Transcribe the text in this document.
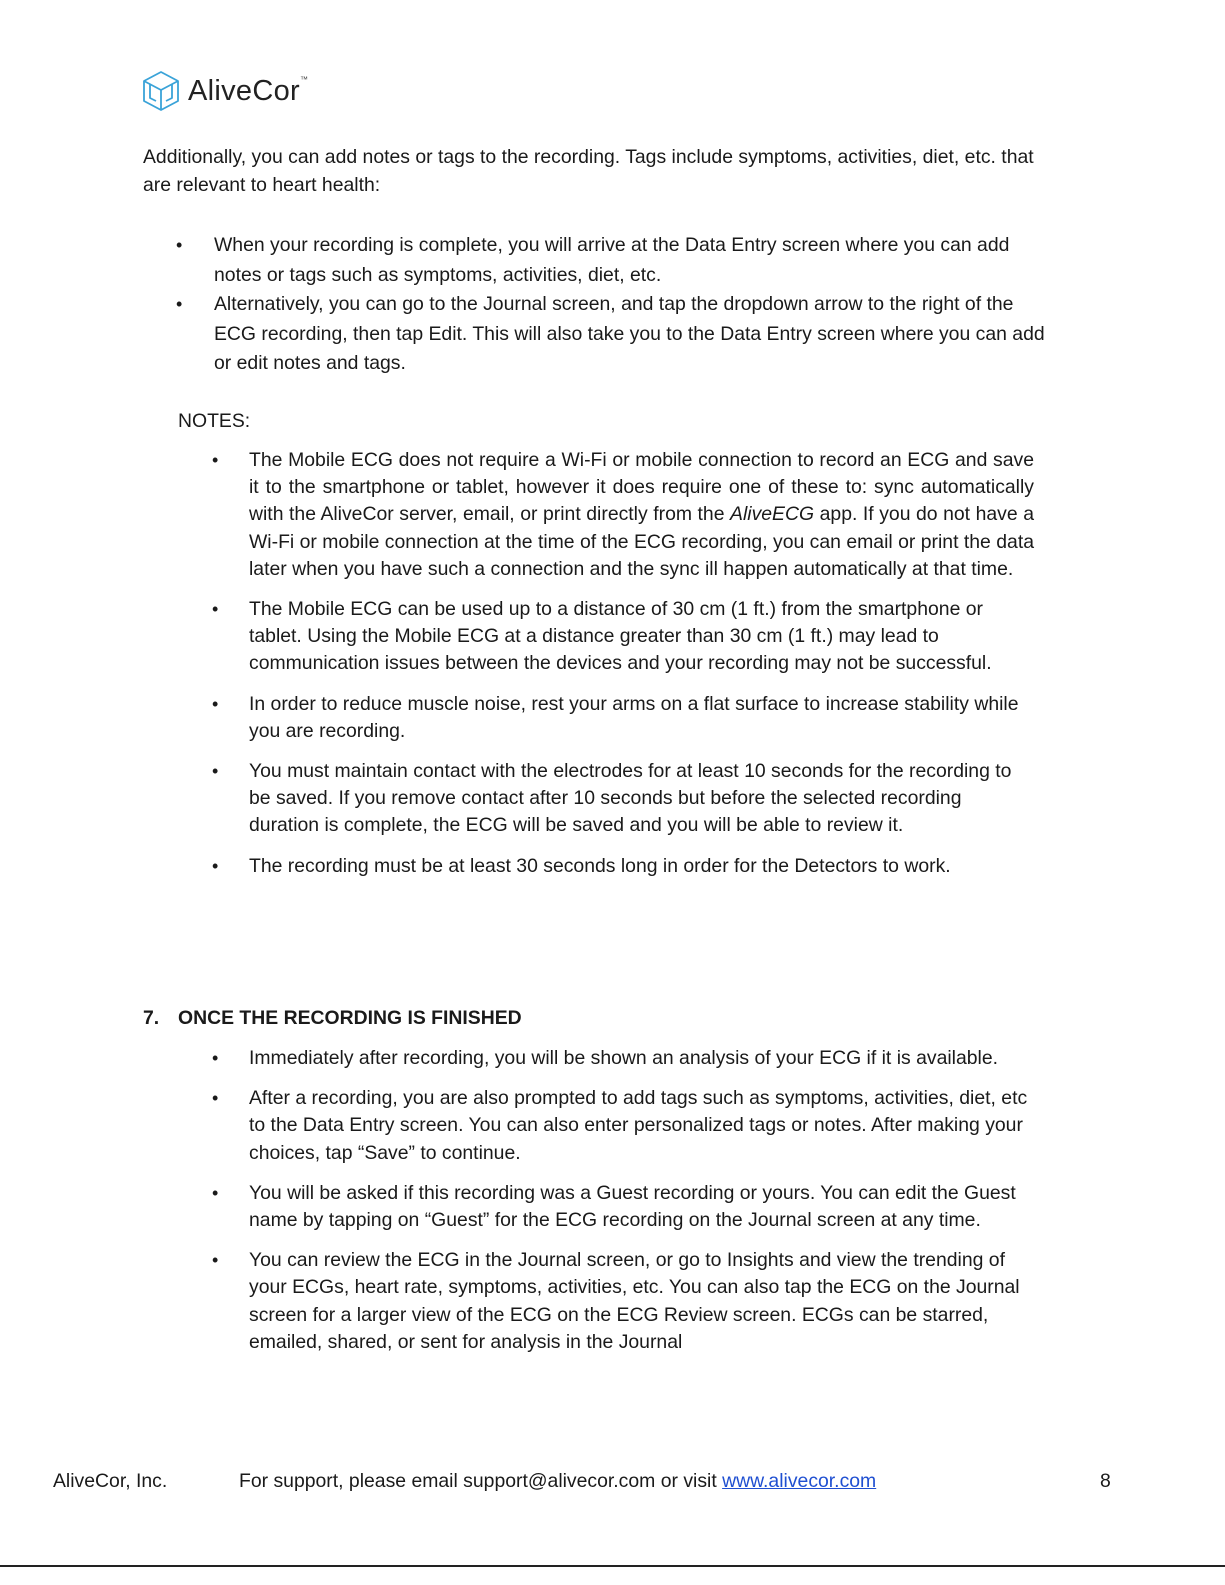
AliveCor™

Additionally, you can add notes or tags to the recording. Tags include symptoms, activities, diet, etc. that are relevant to heart health:

• When your recording is complete, you will arrive at the Data Entry screen where you can add notes or tags such as symptoms, activities, diet, etc.
• Alternatively, you can go to the Journal screen, and tap the dropdown arrow to the right of the ECG recording, then tap Edit. This will also take you to the Data Entry screen where you can add or edit notes and tags.
NOTES:
• The Mobile ECG does not require a Wi-Fi or mobile connection to record an ECG and save it to the smartphone or tablet, however it does require one of these to: sync automatically with the AliveCor server, email, or print directly from the AliveECG app. If you do not have a Wi-Fi or mobile connection at the time of the ECG recording, you can email or print the data later when you have such a connection and the sync ill happen automatically at that time.
• The Mobile ECG can be used up to a distance of 30 cm (1 ft.) from the smartphone or tablet. Using the Mobile ECG at a distance greater than 30 cm (1 ft.) may lead to communication issues between the devices and your recording may not be successful.
• In order to reduce muscle noise, rest your arms on a flat surface to increase stability while you are recording.
• You must maintain contact with the electrodes for at least 10 seconds for the recording to be saved. If you remove contact after 10 seconds but before the selected recording duration is complete, the ECG will be saved and you will be able to review it.
• The recording must be at least 30 seconds long in order for the Detectors to work.
7. ONCE THE RECORDING IS FINISHED
• Immediately after recording, you will be shown an analysis of your ECG if it is available.
• After a recording, you are also prompted to add tags such as symptoms, activities, diet, etc to the Data Entry screen. You can also enter personalized tags or notes. After making your choices, tap “Save” to continue.
• You will be asked if this recording was a Guest recording or yours. You can edit the Guest name by tapping on “Guest” for the ECG recording on the Journal screen at any time.
• You can review the ECG in the Journal screen, or go to Insights and view the trending of your ECGs, heart rate, symptoms, activities, etc. You can also tap the ECG on the Journal screen for a larger view of the ECG on the ECG Review screen. ECGs can be starred, emailed, shared, or sent for analysis in the Journal
AliveCor, Inc.	For support, please email support@alivecor.com or visit www.alivecor.com	8
